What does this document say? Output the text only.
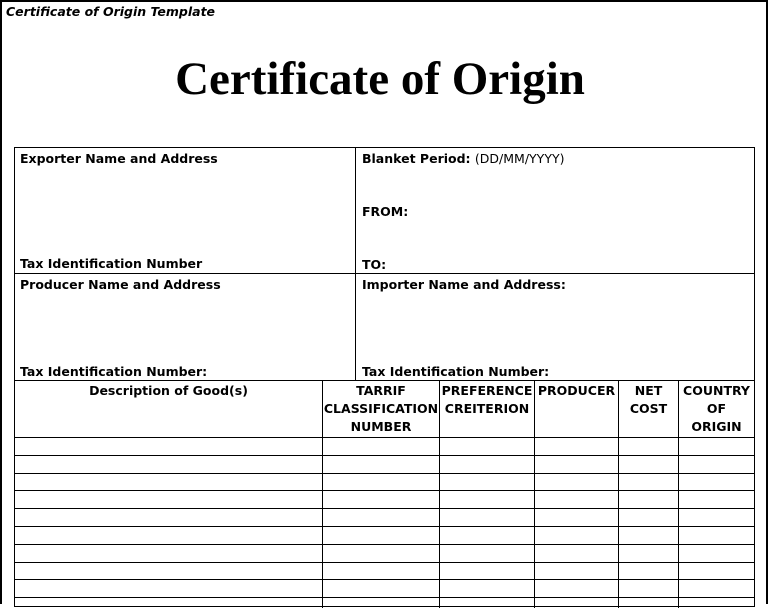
Certificate of Origin Template
Certificate of Origin
Exporter Name and Address
Tax Identification Number
Blanket Period: (DD/MM/YYYY)
FROM:
TO:
Producer Name and Address
Tax Identification Number:
Importer Name and Address:
Tax Identification Number:
Description of Good(s)	TARRIF
CLASSIFICATION
NUMBER
PREFERENCE
CREITERION
PRODUCER	NET
COST
COUNTRY
OF
ORIGIN
